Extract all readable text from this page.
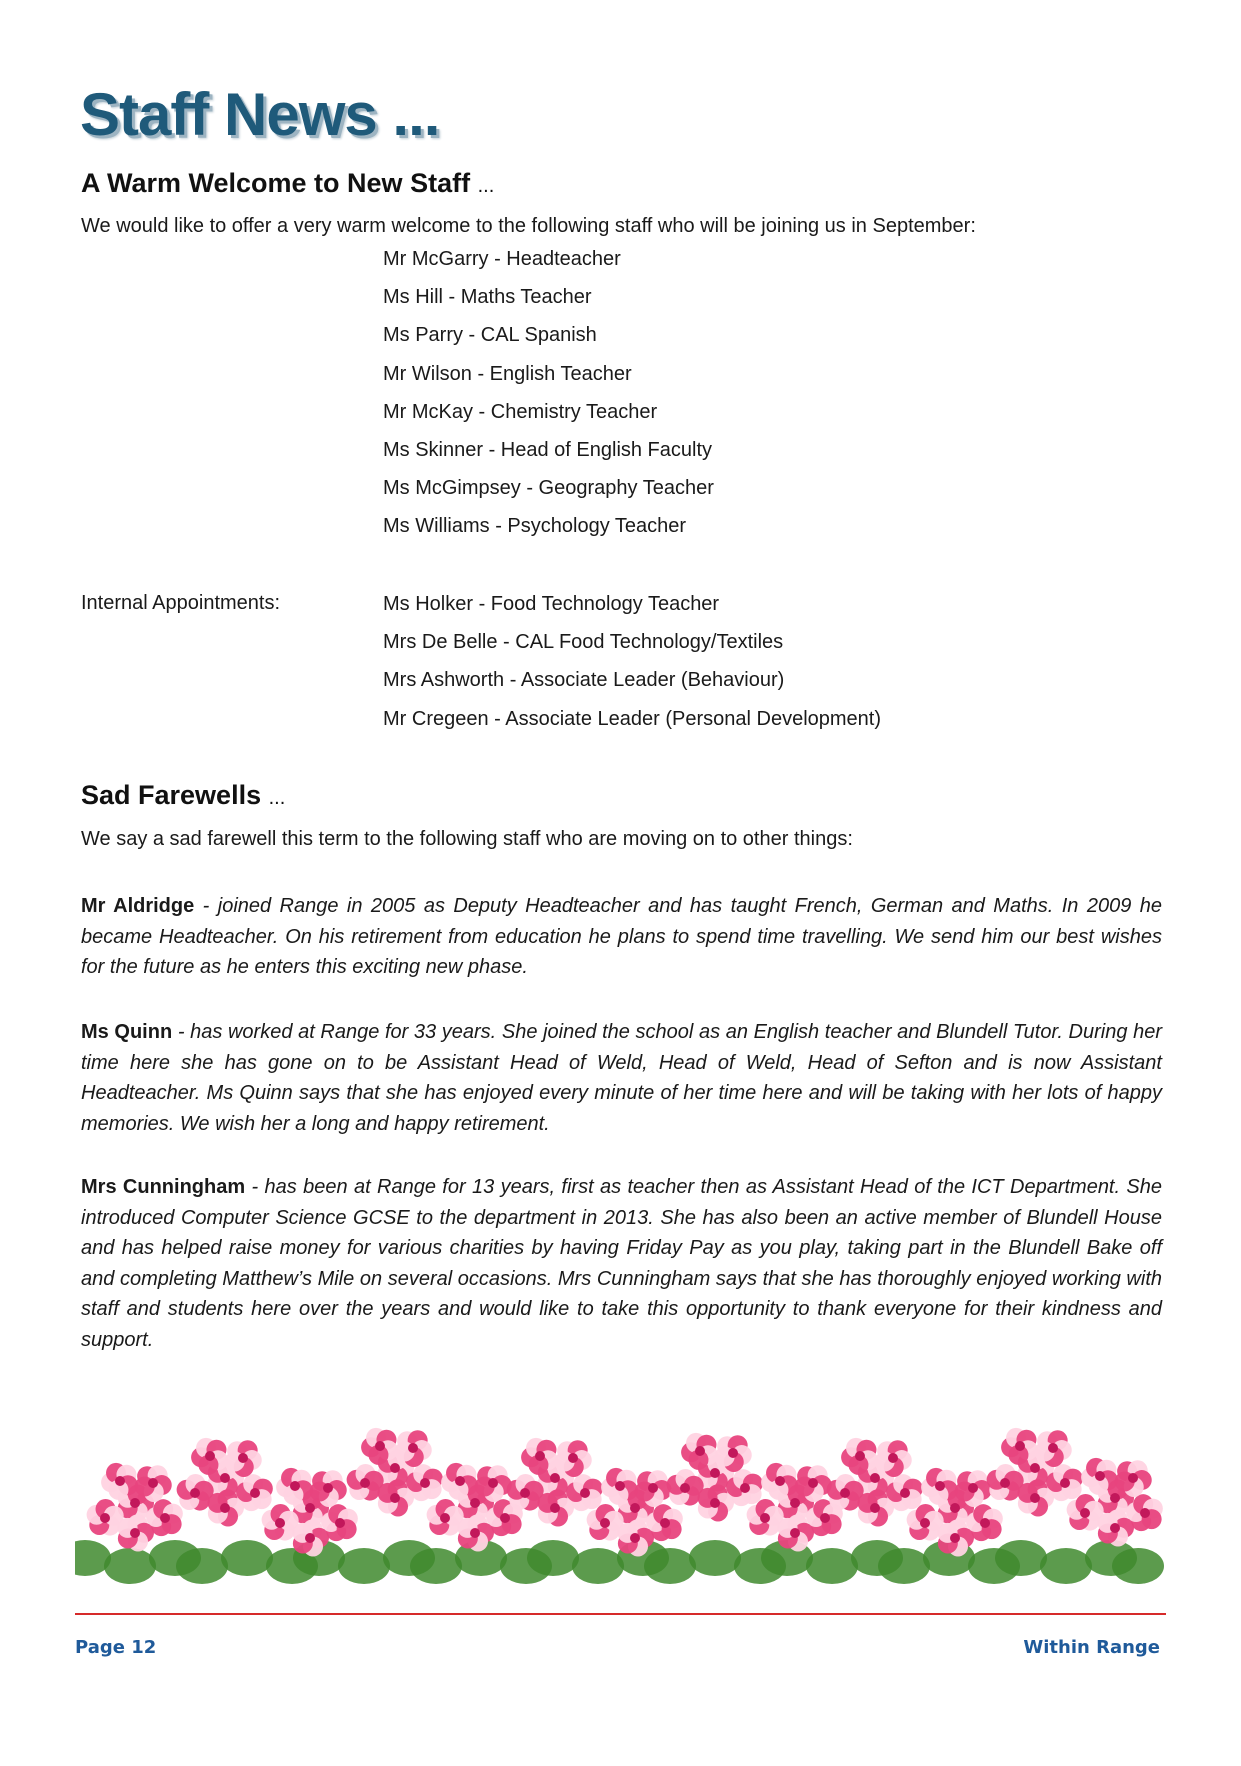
Staff News ...
A Warm Welcome to New Staff ...

We would like to offer a very warm welcome to the following staff who will be joining us in September:

Mr McGarry - Headteacher
Ms Hill - Maths Teacher
Ms Parry - CAL Spanish
Mr Wilson - English Teacher
Mr McKay - Chemistry Teacher
Ms Skinner - Head of English Faculty
Ms McGimpsey - Geography Teacher
Ms Williams - Psychology Teacher
Internal Appointments:	Ms Holker - Food Technology Teacher
Mrs De Belle - CAL Food Technology/Textiles
Mrs Ashworth - Associate Leader (Behaviour)
Mr Cregeen - Associate Leader (Personal Development)
Sad Farewells ...

We say a sad farewell this term to the following staff who are moving on to other things:

Mr Aldridge - joined Range in 2005 as Deputy Headteacher and has taught French, German and Maths. In 2009 he became Headteacher. On his retirement from education he plans to spend time travelling. We send him our best wishes for the future as he enters this exciting new phase.

Ms Quinn - has worked at Range for 33 years. She joined the school as an English teacher and Blundell Tutor. During her time here she has gone on to be Assistant Head of Weld, Head of Weld, Head of Sefton and is now Assistant Headteacher. Ms Quinn says that she has enjoyed every minute of her time here and will be taking with her lots of happy memories. We wish her a long and happy retirement.

Mrs Cunningham - has been at Range for 13 years, first as teacher then as Assistant Head of the ICT Department. She introduced Computer Science GCSE to the department in 2013. She has also been an active member of Blundell House and has helped raise money for various charities by having Friday Pay as you play, taking part in the Blundell Bake off and completing Matthew’s Mile on several occasions. Mrs Cunningham says that she has thoroughly enjoyed working with staff and students here over the years and would like to take this opportunity to thank everyone for their kindness and support.

Page 12	Within Range
